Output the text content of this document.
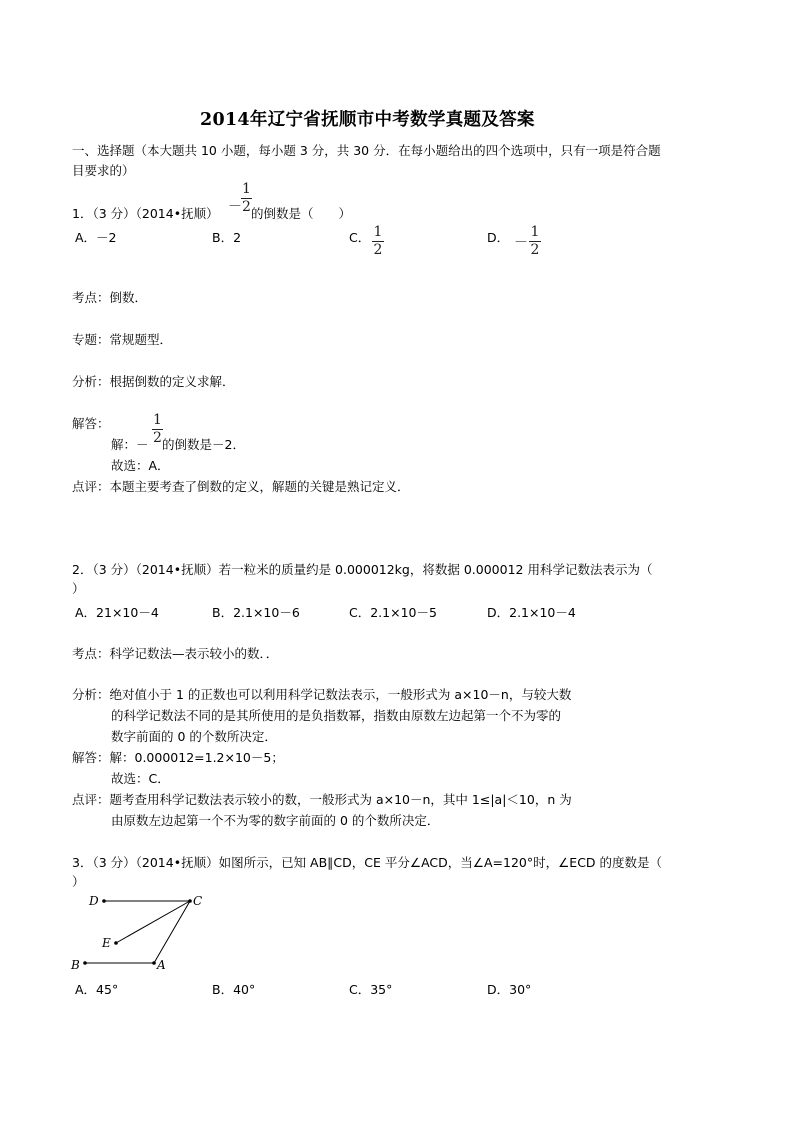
2014年辽宁省抚顺市中考数学真题及答案
一、选择题（本大题共 10 小题，每小题 3 分，共 30 分．在每小题给出的四个选项中，只有一项是符合题
目要求的）
1．（3 分）（2014•抚顺） －
1
2 的倒数是（　　）
A．－2	B．2	C． 1
2
D． －
1
2
考点：倒数．
专题：常规题型．
分析：根据倒数的定义求解．
解答：	1
2
解：－ 的倒数是－2．
故选：A．
点评：本题主要考查了倒数的定义，解题的关键是熟记定义．
2．（3 分）（2014•抚顺）若一粒米的质量约是 0.000012kg，将数据 0.000012 用科学记数法表示为（
）
A．21×10－4	B．2.1×10－6	C．2.1×10－5	D．2.1×10－4
考点：科学记数法—表示较小的数．．
分析：绝对值小于 1 的正数也可以利用科学记数法表示，一般形式为 a×10－n，与较大数
的科学记数法不同的是其所使用的是负指数幂，指数由原数左边起第一个不为零的
数字前面的 0 的个数所决定．
解答：解：0.000012=1.2×10－5；
故选：C．
点评：题考查用科学记数法表示较小的数，一般形式为 a×10－n，其中 1≤|a|＜10，n 为
由原数左边起第一个不为零的数字前面的 0 的个数所决定．
3．（3 分）（2014•抚顺）如图所示，已知 AB∥CD，CE 平分∠ACD，当∠A=120°时，∠ECD 的度数是（
）
D	C
E
B	A
A．45°	B．40°	C．35°	D．30°
